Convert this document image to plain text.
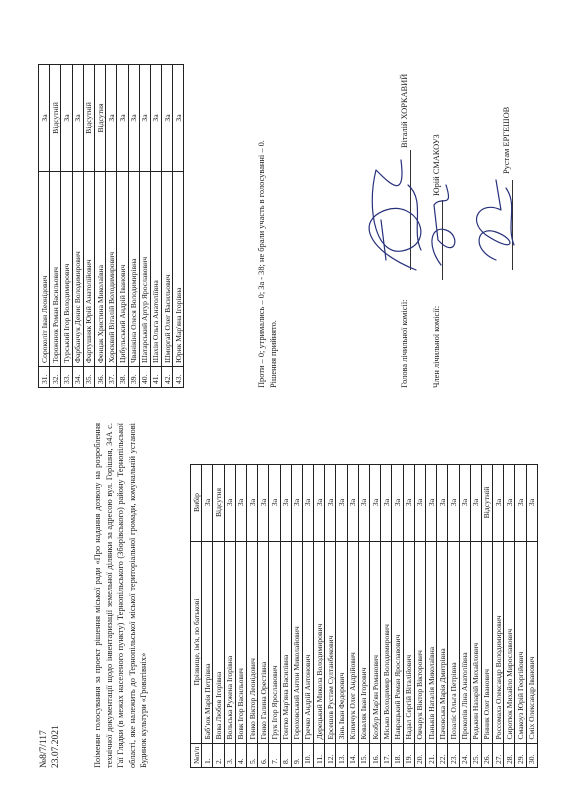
№8/7/117 23.07.2021	Поіменне голосування за проект рішення міської ради «Про надання дозволу на розроблення технічної документації щодо інвентаризації земельної ділянки за адресою вул. Горішня, 34А с. Гаї Глядки (в межах населеного пункту) Тернопільського (Зборівського) району Тернопільської області, яке належить до Тернопільської міської територіальної громади, комунальній установі Будинок культури «Гроватівніх»	№п/п	Прізвище, ім'я, по батькові	Вибір
1.	Бабʼюк Марія Петрівна	За
2.	Вова Любов Ігорівна	Відсутня
3.	Вольська Ружена Ігорівна	За
4.	Вовк Ігор Васильович	За
5.	Генко Віктор Леонідович	За
6.	Генко Галина Орестівна	За
7.	Грук Ігор Ярославович	За
8.	Гонтко Мар'яна Василівна	За
9.	Гороховський Антон Миколайович	За
10.	Гречко Андрій Антонович	За
11.	Дерецький Микола Володимирович	За
12.	Ерсешов Рустам Султанбекович	За
13.	Зінь Іван Федорович	За
14.	Климчук Олег Андрійович	За
15.	Коваляк Іван Ігорович	За
16.	Козбур Мар'ян Романович	За
17.	Місько Володимир Володимирович	За
18.	Наврацький Роман Ярославович	За
19.	Надал Сергій Віталійович	За
20.	Овчарук Віктор Вікторович	За
21.	Паньків Наталія Миколаївна	За
22.	Пачовська Марія Дмитрівна	За
23.	Позаліс Ольга Петрівна	За
24.	Прокопів Ліна Анатоліївна	За
25.	Редькин Назарій Михайлович	За
26.	Рінник Олег Іванович	Відсутній
27.	Россомаха Олександр Володимирович	За
28.	Сиротюк Михайло Мирославович	За
29.	Смакоуз Юрій Георгійович	За
30.	Сміх Олександр Іванович	За
31.	Сороколіт Іван Леонідович	За
32.	Торожнюк Роман Васильович	Відсутній
33.	Турський Ігор Володимирович	За
34.	Фарбанчук Денис Володимирович	За
35.	Фартушняк Юрій Анатолійович	Відсутній
36.	Фенцак Христина Миколаївна	Відсутня
37.	Хорєквий Віталій Володимирович	За
38.	Цибульський Андрій Іванович	За
39.	Чванікіна Олеся Володимирівна	За
40.	Шатарський Артур Ярославович	За
41.	Шахін Ольга Анатоліївна	За
42.	Шморгай Олег Васильович	За
43.	Юрик Мар'яна Ігорівна	За
Проти – 0; утримались – 0; За - 38; не брали участь в голосуванні – 0. Рішення прийнято.	Голова лічильної комісії:
Віталій ХОРКАВИЙ
Член лічильної комісії:
Юрій СМАКОУЗ	Рустам ЕРГЕШОВ
